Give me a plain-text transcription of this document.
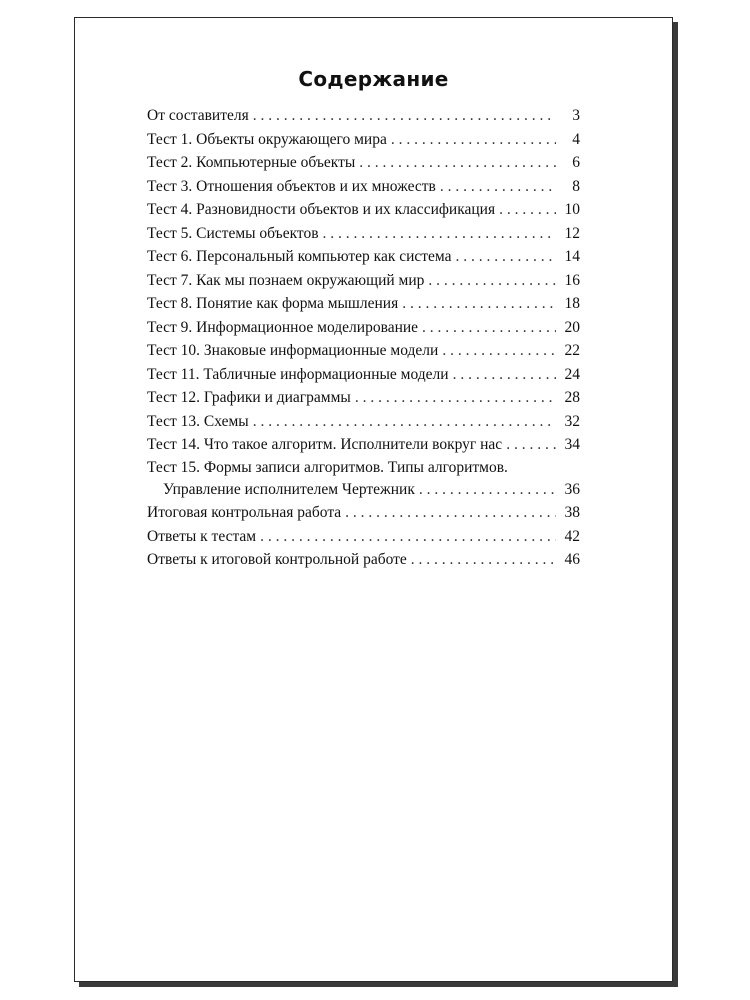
Содержание
От составителя . . .	3
Тест 1. Объекты окружающего мира . . .	4
Тест 2. Компьютерные объекты . . .	6
Тест 3. Отношения объектов и их множеств . . .	8
Тест 4. Разновидности объектов и их классификация . . .	10
Тест 5. Системы объектов . . .	12
Тест 6. Персональный компьютер как система . . .	14
Тест 7. Как мы познаем окружающий мир . . .	16
Тест 8. Понятие как форма мышления . . .	18
Тест 9. Информационное моделирование . . .	20
Тест 10. Знаковые информационные модели . . .	22
Тест 11. Табличные информационные модели . . .	24
Тест 12. Графики и диаграммы . . .	28
Тест 13. Схемы . . .	32
Тест 14. Что такое алгоритм. Исполнители вокруг нас . . .	34
Тест 15. Формы записи алгоритмов. Типы алгоритмов.
Управление исполнителем Чертежник . . .	36
Итоговая контрольная работа . . .	38
Ответы к тестам . . .	42
Ответы к итоговой контрольной работе . . .	46
